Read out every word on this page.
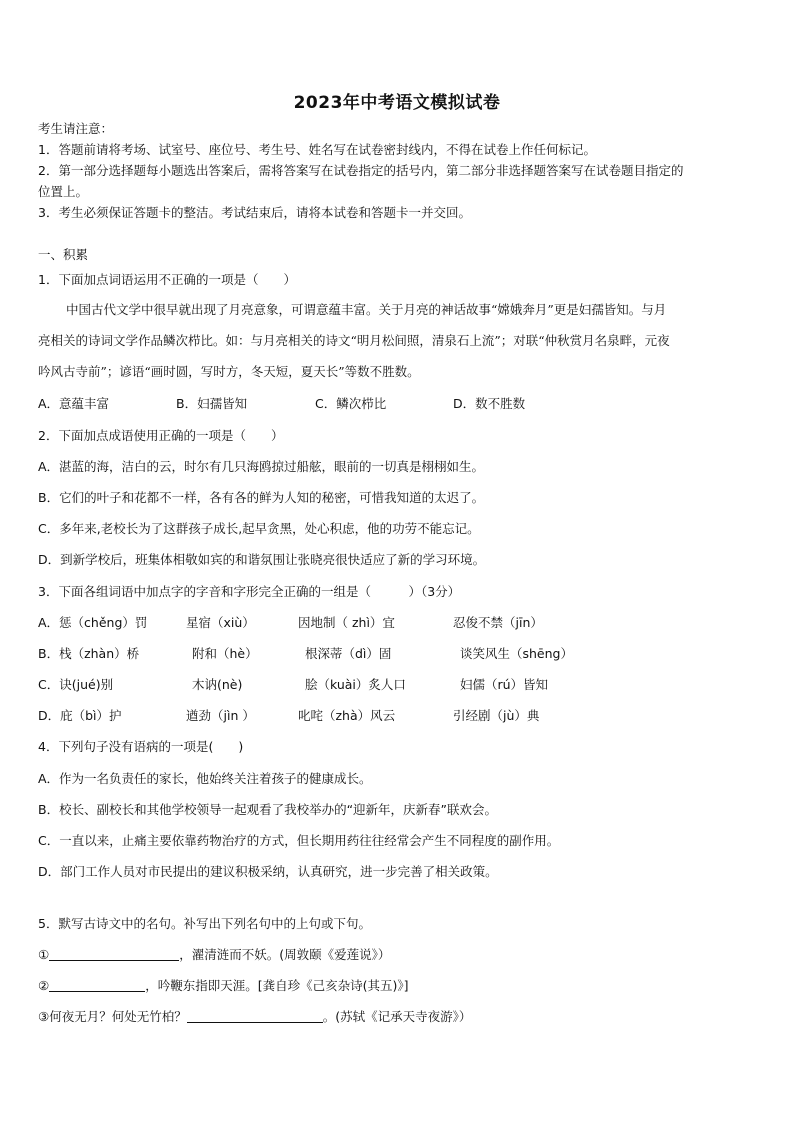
2023年中考语文模拟试卷
考生请注意：
1．答题前请将考场、试室号、座位号、考生号、姓名写在试卷密封线内，不得在试卷上作任何标记。
2．第一部分选择题每小题选出答案后，需将答案写在试卷指定的括号内，第二部分非选择题答案写在试卷题目指定的
位置上。
3．考生必须保证答题卡的整洁。考试结束后，请将本试卷和答题卡一并交回。
一、积累
1．下面加点词语运用不正确的一项是（　　）
中国古代文学中很早就出现了月亮意象，可谓意蕴丰富。关于月亮的神话故事“嫦娥奔月”更是妇孺皆知。与月
亮相关的诗词文学作品鳞次栉比。如：与月亮相关的诗文“明月松间照，清泉石上流”；对联“仲秋赏月名泉畔，元夜
吟风古寺前”；谚语“画时圆，写时方，冬天短，夏天长”等数不胜数。
A．意蕴丰富	B．妇孺皆知	C．鳞次栉比	D．数不胜数
2．下面加点成语使用正确的一项是（　　）
A．湛蓝的海，洁白的云，时尔有几只海鸥掠过船舷，眼前的一切真是栩栩如生。
B．它们的叶子和花都不一样，各有各的鲜为人知的秘密，可惜我知道的太迟了。
C．多年来,老校长为了这群孩子成长,起早贪黑，处心积虑，他的功劳不能忘记。
D．到新学校后，班集体相敬如宾的和谐氛围让张晓亮很快适应了新的学习环境。
3．下面各组词语中加点字的字音和字形完全正确的一组是（　　　）（3分）
A．惩（chěng）罚	星宿（xiù）	因地制（ zhì）宜	忍俊不禁（jīn）
B．栈（zhàn）桥	附和（hè）	根深蒂（dì）固	谈笑风生（shēng）
C．诀(jué)别	木讷(nè)	脍（kuài）炙人口	妇儒（rú）皆知
D．庇（bì）护	遒劲（jìn ）	叱咤（zhà）风云	引经剧（jù）典
4．下列句子没有语病的一项是(　　)
A．作为一名负责任的家长，他始终关注着孩子的健康成长。
B．校长、副校长和其他学校领导一起观看了我校举办的“迎新年，庆新春”联欢会。
C．一直以来，止痛主要依靠药物治疗的方式，但长期用药往往经常会产生不同程度的副作用。
D．部门工作人员对市民提出的建议积极采纳，认真研究，进一步完善了相关政策。
5．默写古诗文中的名句。补写出下列名句中的上句或下句。
①	，濯清涟而不妖。(周敦颐《爱莲说》）
②	，吟鞭东指即天涯。[龚自珍《己亥杂诗(其五)》]
③何夜无月？何处无竹柏？	。(苏轼《记承天寺夜游》）
